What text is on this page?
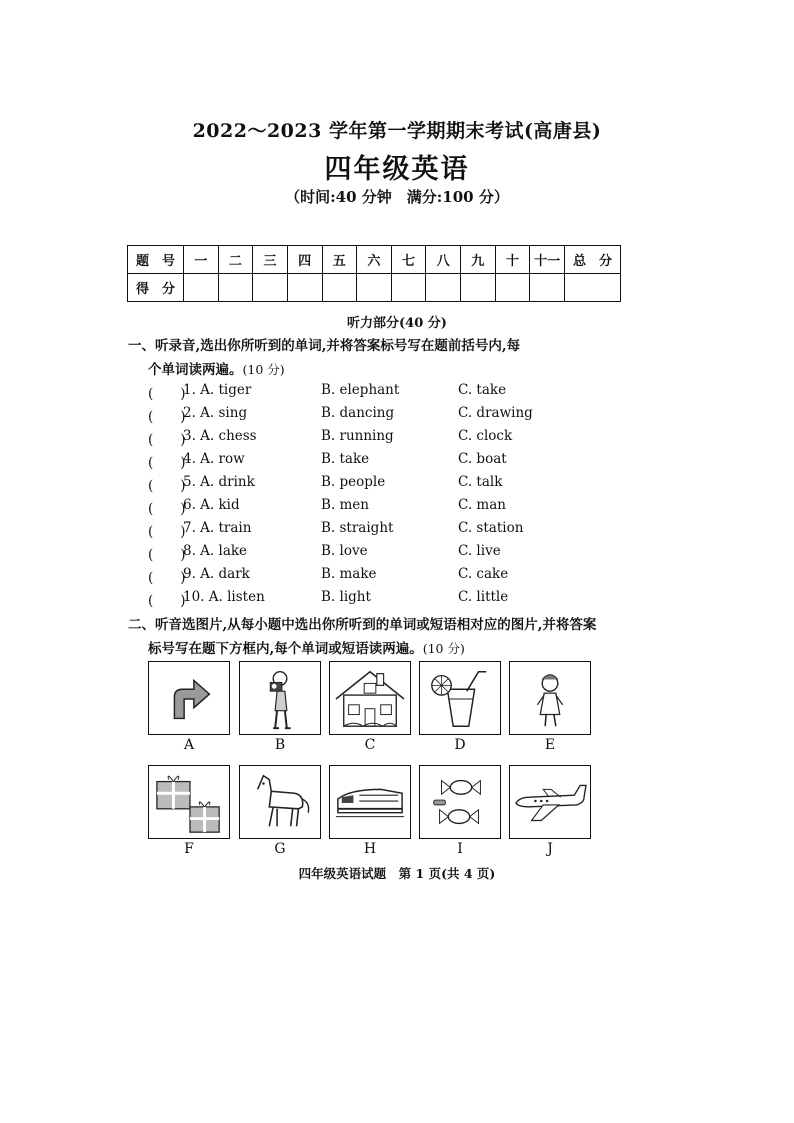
2022～2023 学年第一学期期末考试(高唐县)
四年级英语
（时间:40 分钟　满分:100 分）
题　号	一	二	三	四	五	六	七	八	九	十	十一	总　分
得　分												
听力部分(40 分)
一、听录音,选出你所听到的单词,并将答案标号写在题前括号内,每
个单词读两遍。(10 分)
(　　)
1. A. tiger	B. elephant	C. take
(　　)
2. A. sing	B. dancing	C. drawing
(　　)
3. A. chess	B. running	C. clock
(　　)
4. A. row	B. take	C. boat
(　　)
5. A. drink	B. people	C. talk
(　　)
6. A. kid	B. men	C. man
(　　)
7. A. train	B. straight	C. station
(　　)
8. A. lake	B. love	C. live
(　　)
9. A. dark	B. make	C. cake
(　　)
10. A. listen	B. light	C. little
二、听音选图片,从每小题中选出你所听到的单词或短语相对应的图片,并将答案
标号写在题下方框内,每个单词或短语读两遍。(10 分)
A	B	C	D	E
F	G	H	I	J
四年级英语试题　第 1 页(共 4 页)
